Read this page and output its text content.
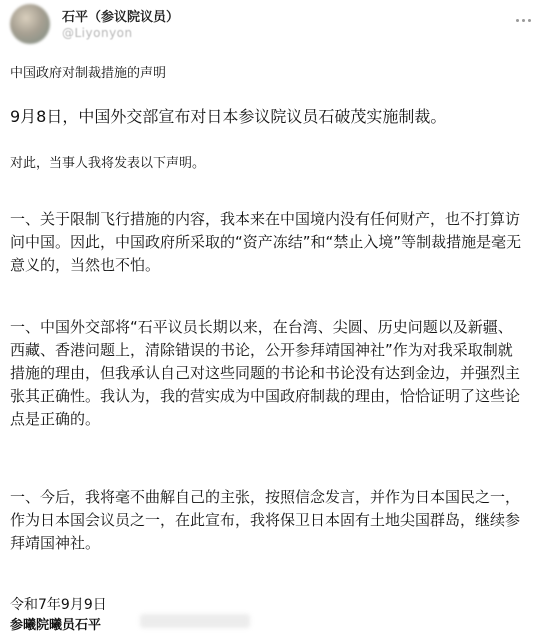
石平（参议院议员）
@Liyonyon
中国政府对制裁措施的声明

9月8日，中国外交部宣布对日本参议院议员石破茂实施制裁。

对此，当事人我将发表以下声明。

一、关于限制飞行措施的内容，我本来在中国境内没有任何财产，也不打算访问中国。因此，中国政府所采取的“资产冻结”和“禁止入境”等制裁措施是毫无意义的，当然也不怕。

一、中国外交部将“石平议员长期以来，在台湾、尖圆、历史问题以及新疆、西藏、香港问题上，清除错误的书论，公开参拜靖国神社”作为对我采取制就措施的理由，但我承认自己对这些同题的书论和书论没有达到金边，并强烈主张其正确性。我认为，我的营实成为中国政府制裁的理由，恰恰证明了这些论点是正确的。

一、今后，我将毫不曲解自己的主张，按照信念发言，并作为日本国民之一，作为日本国会议员之一，在此宣布，我将保卫日本固有土地尖国群岛，继续参拜靖国神社。

令和7年9月9日

参曦院曦员石平
